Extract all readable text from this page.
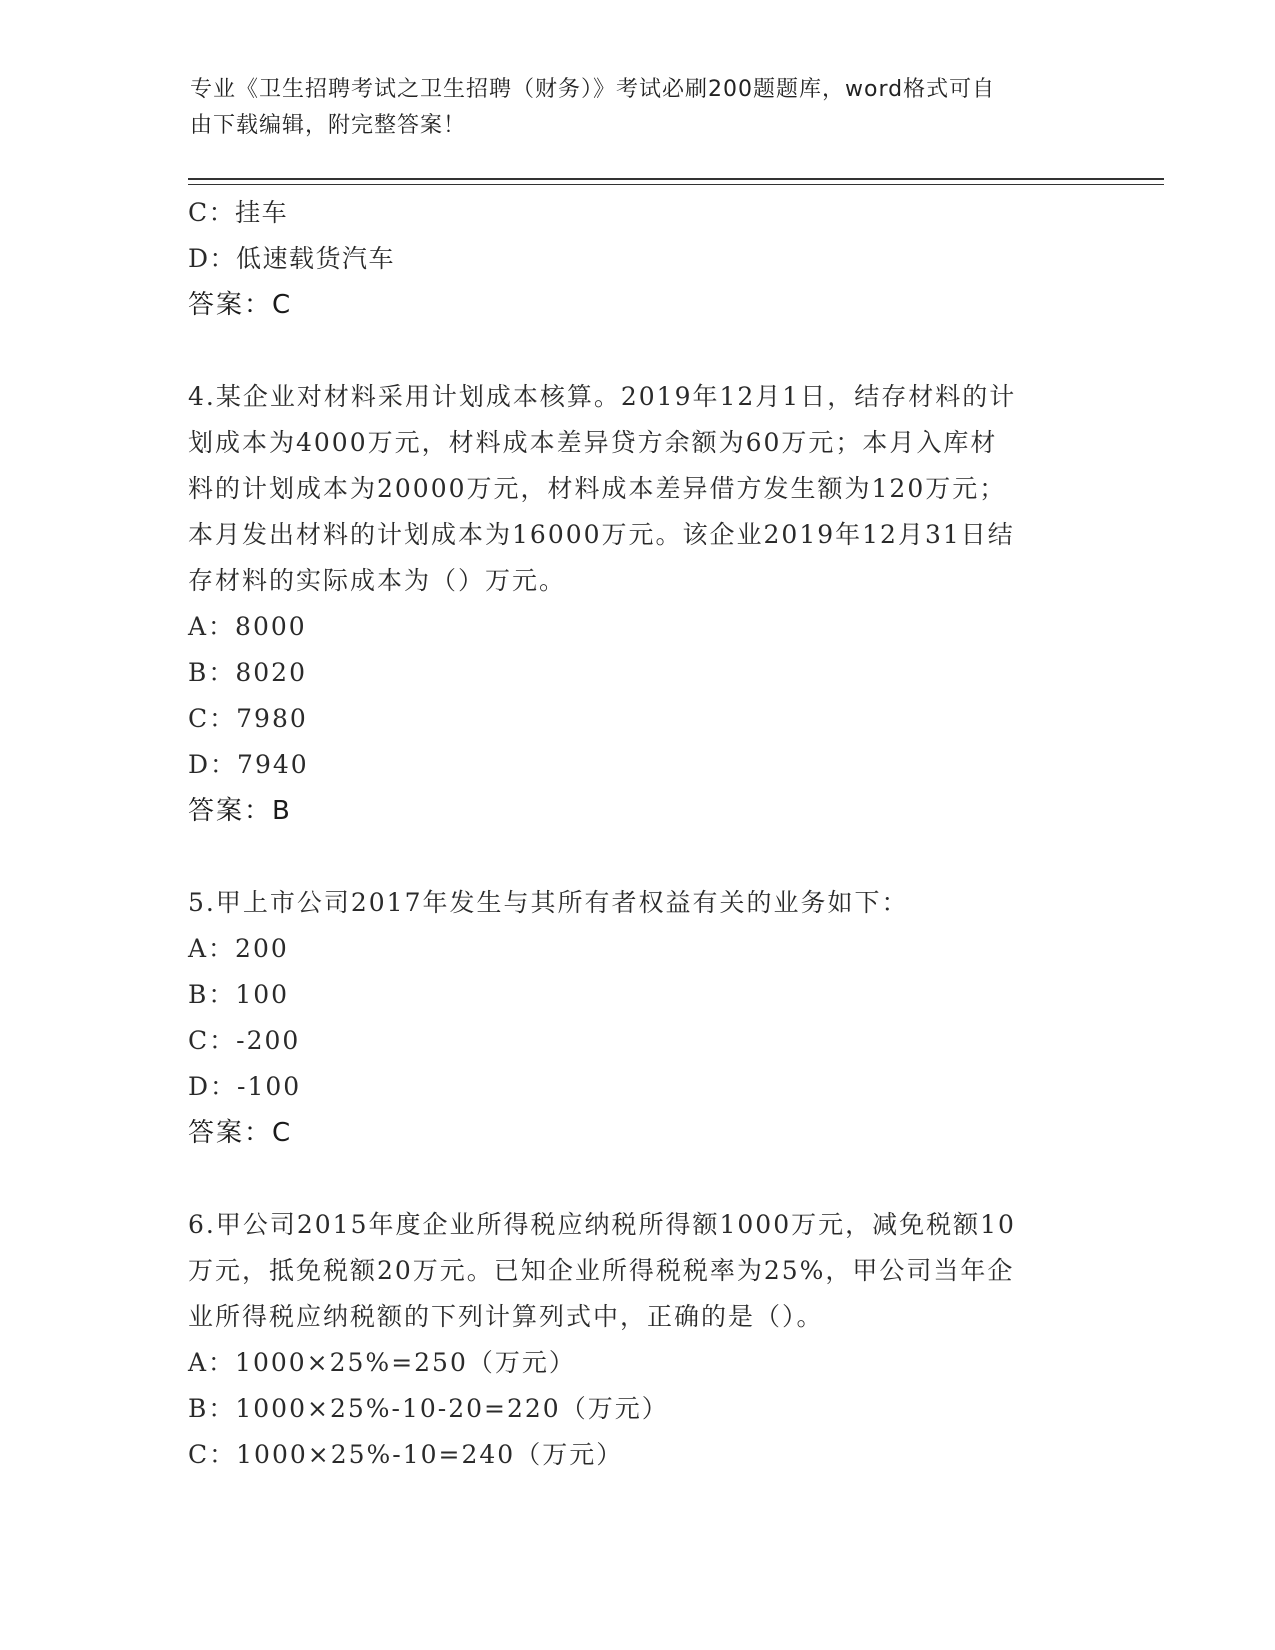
专业《卫生招聘考试之卫生招聘（财务）》考试必刷200题题库，word格式可自
由下载编辑，附完整答案！
C：挂车
D：低速载货汽车
答案：C
4.某企业对材料采用计划成本核算。2019年12月1日，结存材料的计
划成本为4000万元，材料成本差异贷方余额为60万元；本月入库材
料的计划成本为20000万元，材料成本差异借方发生额为120万元；
本月发出材料的计划成本为16000万元。该企业2019年12月31日结
存材料的实际成本为（）万元。
A：8000
B：8020
C：7980
D：7940
答案：B
5.甲上市公司2017年发生与其所有者权益有关的业务如下：
A：200
B：100
C：-200
D：-100
答案：C
6.甲公司2015年度企业所得税应纳税所得额1000万元，减免税额10
万元，抵免税额20万元。已知企业所得税税率为25%，甲公司当年企
业所得税应纳税额的下列计算列式中，正确的是（）。
A：1000×25%=250（万元）
B：1000×25%-10-20=220（万元）
C：1000×25%-10=240（万元）
